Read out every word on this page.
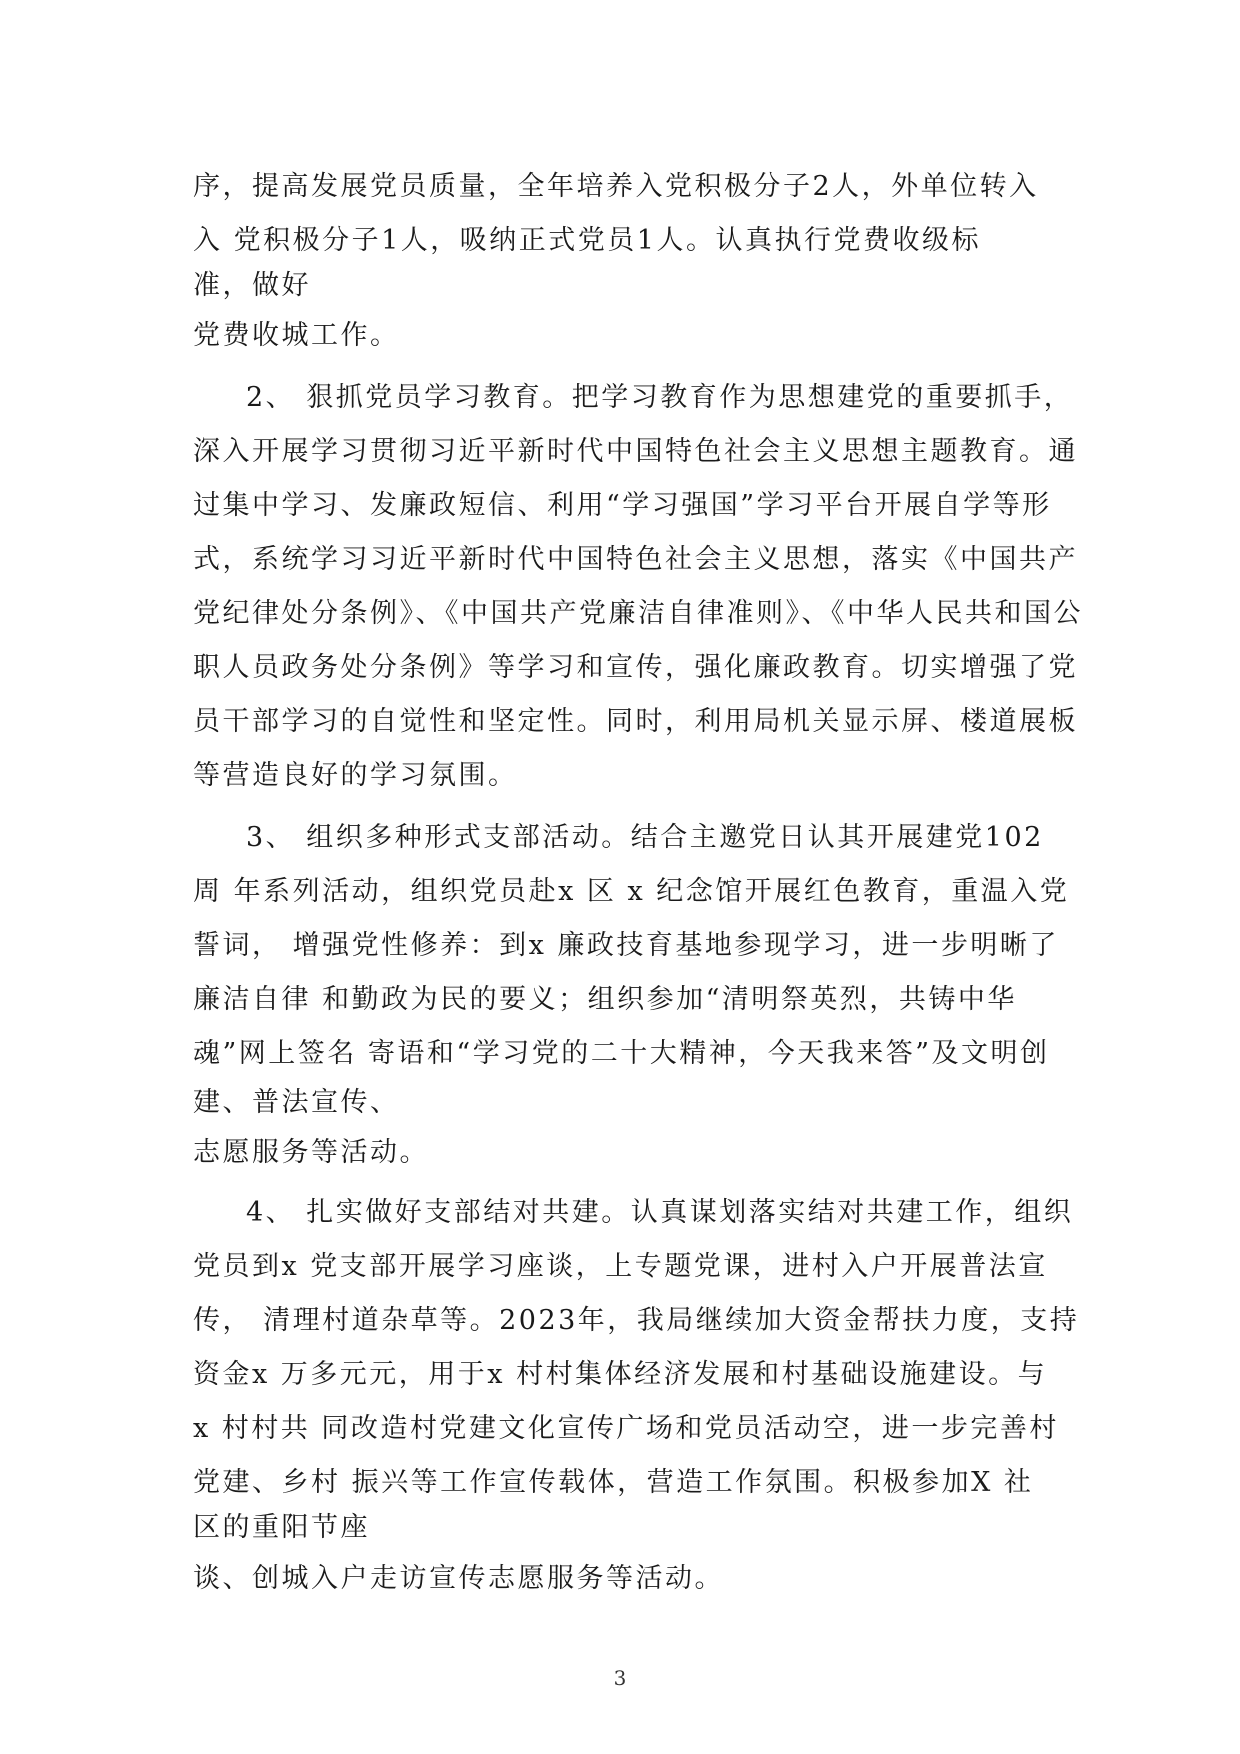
序，提高发展党员质量，全年培养入党积极分子2人，外单位转入
入 党积极分子1人，吸纳正式党员1人。认真执行党费收级标
准，做好
党费收城工作。
2、 狠抓党员学习教育。把学习教育作为思想建党的重要抓手，
深入开展学习贯彻习近平新时代中国特色社会主义思想主题教育。通
过集中学习、发廉政短信、利用“学习强国”学习平台开展自学等形
式，系统学习习近平新时代中国特色社会主义思想，落实《中国共产
党纪律处分条例》、《中国共产党廉洁自律准则》、《中华人民共和国公
职人员政务处分条例》等学习和宣传，强化廉政教育。切实增强了党
员干部学习的自觉性和坚定性。同时，利用局机关显示屏、楼道展板
等营造良好的学习氛围。
3、 组织多种形式支部活动。结合主邀党日认其开展建党102
周 年系列活动，组织党员赴x 区 x 纪念馆开展红色教育，重温入党
誓词， 增强党性修养：到x 廉政技育基地参现学习，进一步明晰了
廉洁自律 和勤政为民的要义；组织参加“清明祭英烈，共铸中华
魂”网上签名 寄语和“学习党的二十大精神，今天我来答”及文明创
建、普法宣传、
志愿服务等活动。
4、 扎实做好支部结对共建。认真谋划落实结对共建工作，组织
党员到x 党支部开展学习座谈，上专题党课，进村入户开展普法宣
传， 清理村道杂草等。2023年，我局继续加大资金帮扶力度，支持
资金x 万多元元，用于x 村村集体经济发展和村基础设施建设。与
x 村村共 同改造村党建文化宣传广场和党员活动空，进一步完善村
党建、乡村 振兴等工作宣传载体，营造工作氛围。积极参加X 社
区的重阳节座
谈、创城入户走访宣传志愿服务等活动。
3
